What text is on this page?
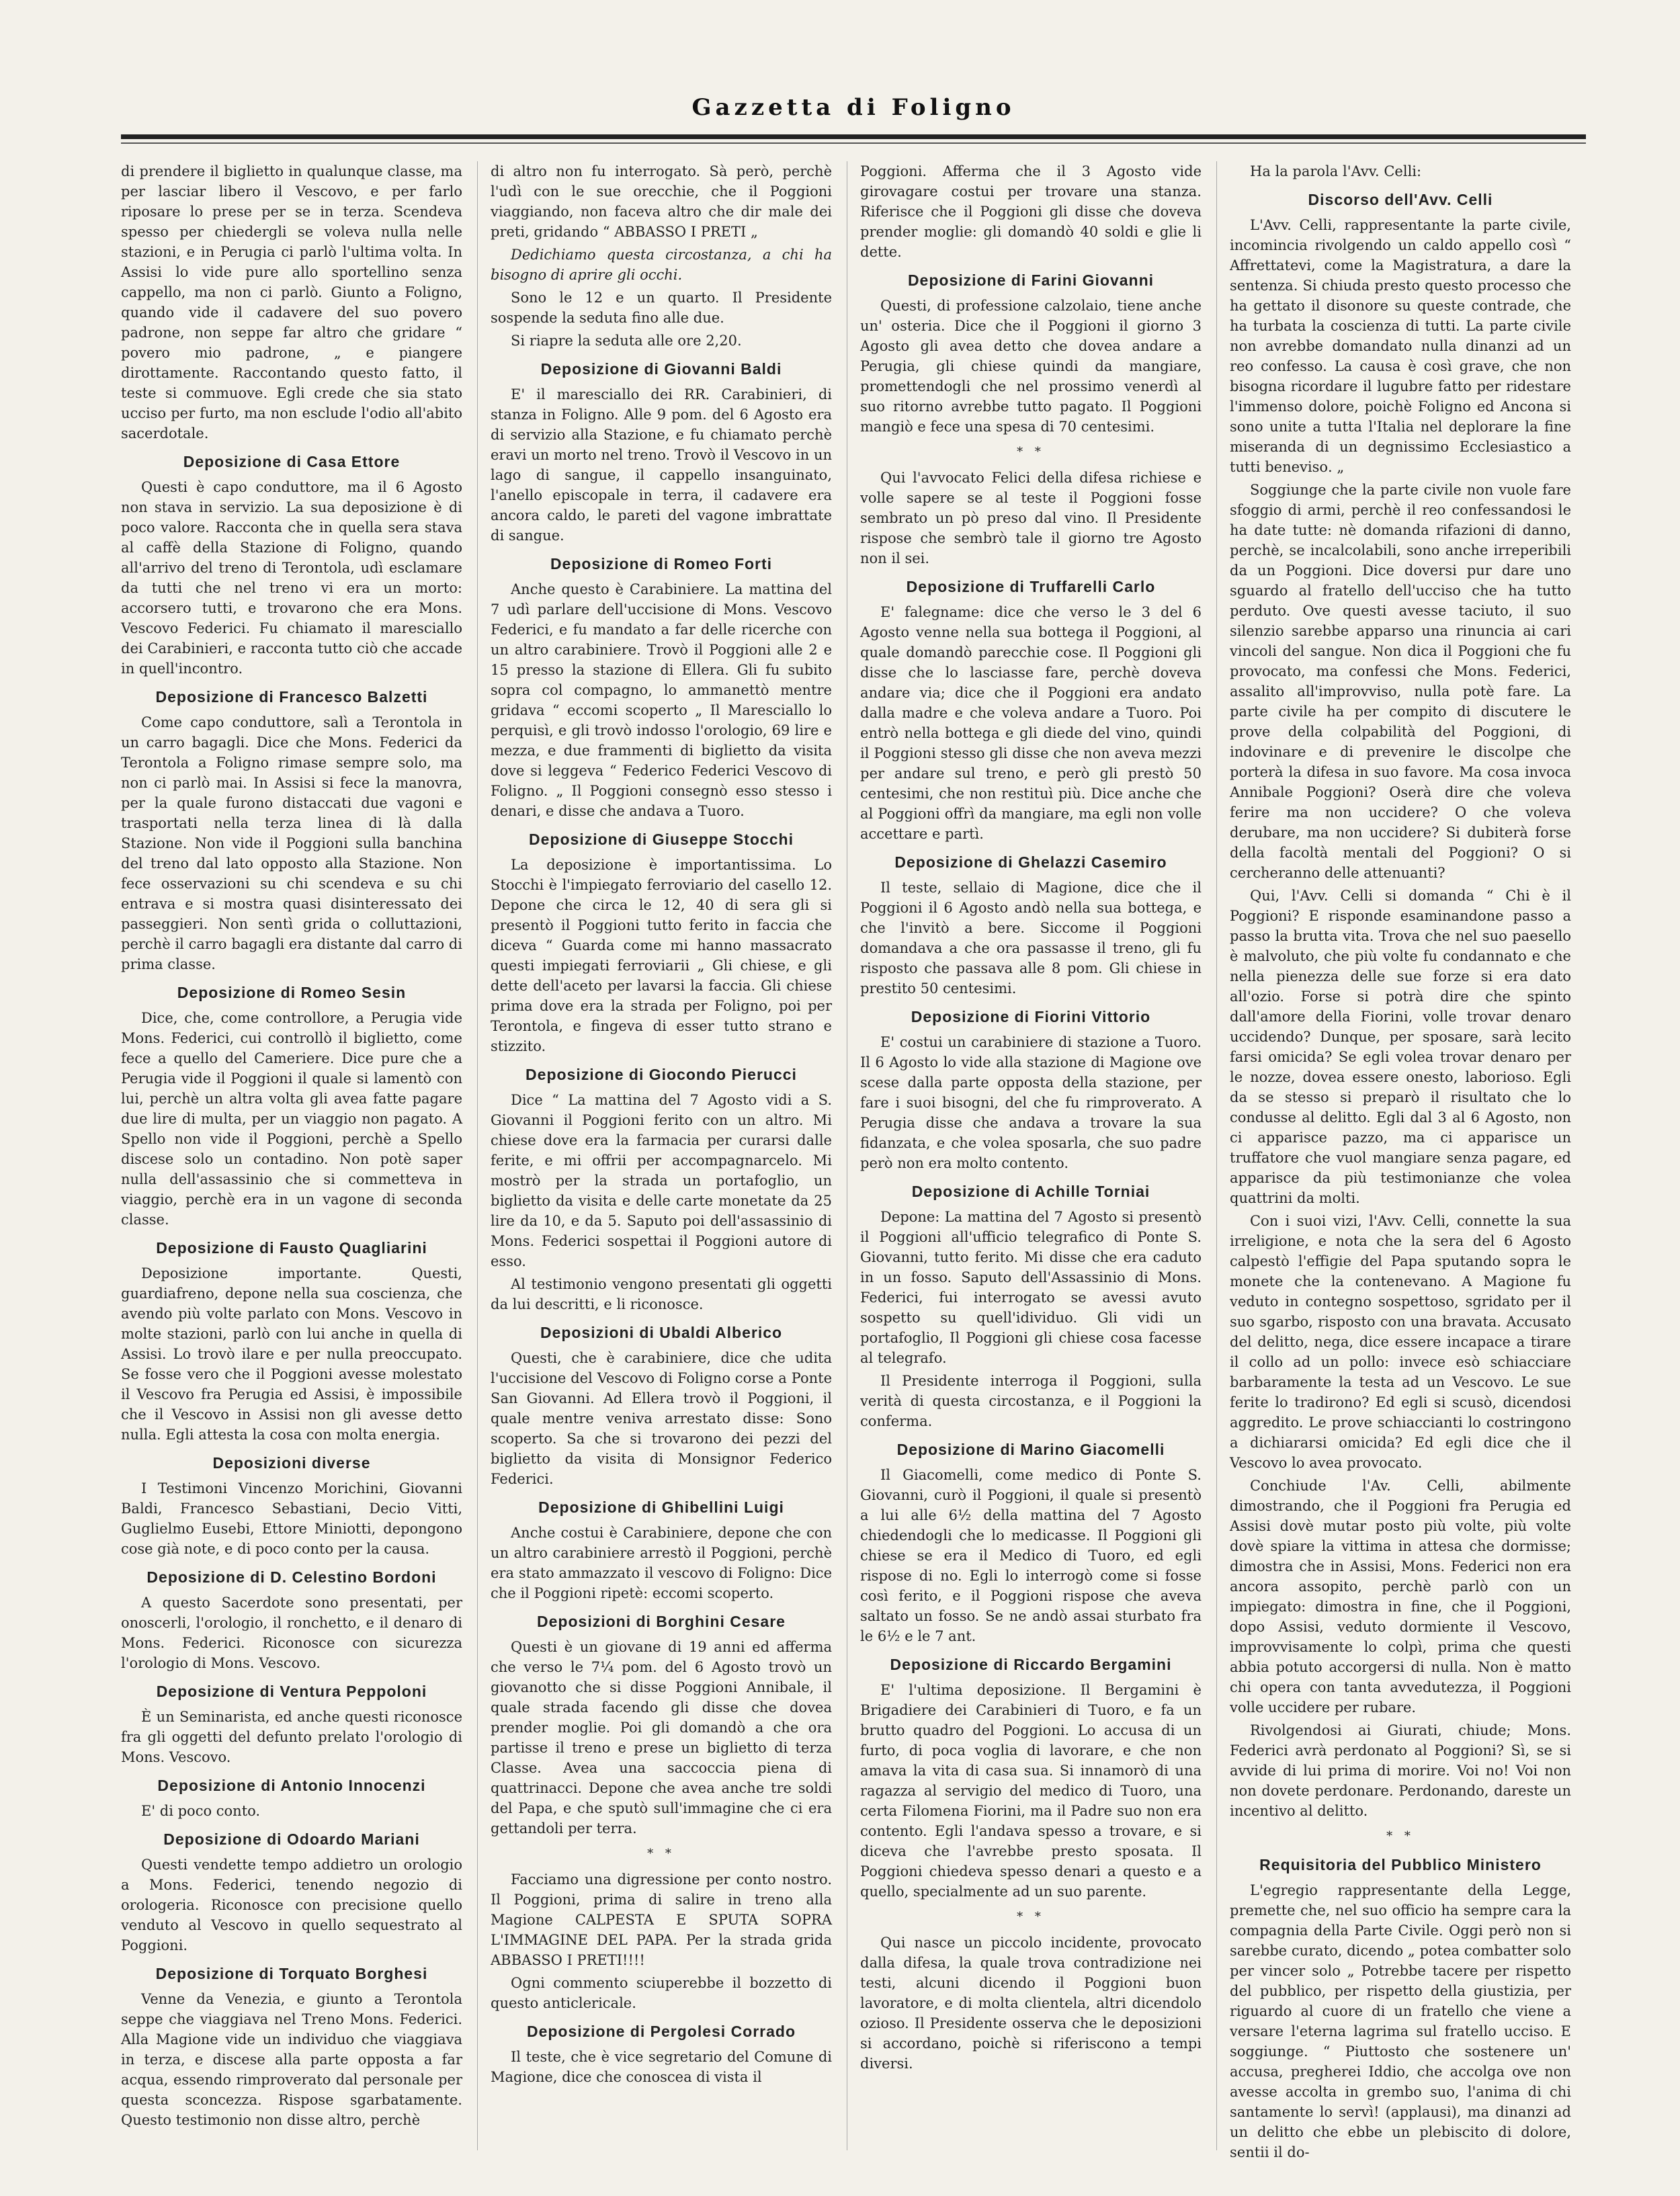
Gazzetta di Foligno

di prendere il biglietto in qualunque classe, ma per lasciar libero il Vescovo, e per farlo riposare lo prese per se in terza. Scendeva spesso per chiedergli se voleva nulla nelle stazioni, e in Perugia ci parlò l'ultima volta. In Assisi lo vide pure allo sportellino senza cappello, ma non ci parlò. Giunto a Foligno, quando vide il cadavere del suo povero padrone, non seppe far altro che gridare “ povero mio padrone, „ e piangere dirottamente. Raccontando questo fatto, il teste si commuove. Egli crede che sia stato ucciso per furto, ma non esclude l'odio all'abito sacerdotale.

Deposizione di Casa Ettore

Questi è capo conduttore, ma il 6 Agosto non stava in servizio. La sua deposizione è di poco valore. Racconta che in quella sera stava al caffè della Stazione di Foligno, quando all'arrivo del treno di Terontola, udì esclamare da tutti che nel treno vi era un morto: accorsero tutti, e trovarono che era Mons. Vescovo Federici. Fu chiamato il maresciallo dei Carabinieri, e racconta tutto ciò che accade in quell'incontro.

Deposizione di Francesco Balzetti

Come capo conduttore, salì a Terontola in un carro bagagli. Dice che Mons. Federici da Terontola a Foligno rimase sempre solo, ma non ci parlò mai. In Assisi si fece la manovra, per la quale furono distaccati due vagoni e trasportati nella terza linea di là dalla Stazione. Non vide il Poggioni sulla banchina del treno dal lato opposto alla Stazione. Non fece osservazioni su chi scendeva e su chi entrava e si mostra quasi disinteressato dei passeggieri. Non sentì grida o colluttazioni, perchè il carro bagagli era distante dal carro di prima classe.

Deposizione di Romeo Sesin

Dice, che, come controllore, a Perugia vide Mons. Federici, cui controllò il biglietto, come fece a quello del Cameriere. Dice pure che a Perugia vide il Poggioni il quale si lamentò con lui, perchè un altra volta gli avea fatte pagare due lire di multa, per un viaggio non pagato. A Spello non vide il Poggioni, perchè a Spello discese solo un contadino. Non potè saper nulla dell'assassinio che si commetteva in viaggio, perchè era in un vagone di seconda classe.

Deposizione di Fausto Quagliarini

Deposizione importante. Questi, guardiafreno, depone nella sua coscienza, che avendo più volte parlato con Mons. Vescovo in molte stazioni, parlò con lui anche in quella di Assisi. Lo trovò ilare e per nulla preoccupato. Se fosse vero che il Poggioni avesse molestato il Vescovo fra Perugia ed Assisi, è impossibile che il Vescovo in Assisi non gli avesse detto nulla. Egli attesta la cosa con molta energia.

Deposizioni diverse

I Testimoni Vincenzo Morichini, Giovanni Baldi, Francesco Sebastiani, Decio Vitti, Guglielmo Eusebi, Ettore Miniotti, depongono cose già note, e di poco conto per la causa.

Deposizione di D. Celestino Bordoni

A questo Sacerdote sono presentati, per onoscerli, l'orologio, il ronchetto, e il denaro di Mons. Federici. Riconosce con sicurezza l'orologio di Mons. Vescovo.

Deposizione di Ventura Peppoloni

È un Seminarista, ed anche questi riconosce fra gli oggetti del defunto prelato l'orologio di Mons. Vescovo.

Deposizione di Antonio Innocenzi

E' di poco conto.

Deposizione di Odoardo Mariani

Questi vendette tempo addietro un orologio a Mons. Federici, tenendo negozio di orologeria. Riconosce con precisione quello venduto al Vescovo in quello sequestrato al Poggioni.

Deposizione di Torquato Borghesi

Venne da Venezia, e giunto a Terontola seppe che viaggiava nel Treno Mons. Federici. Alla Magione vide un individuo che viaggiava in terza, e discese alla parte opposta a far acqua, essendo rimproverato dal personale per questa sconcezza. Rispose sgarbatamente. Questo testimonio non disse altro, perchè

di altro non fu interrogato. Sà però, perchè l'udì con le sue orecchie, che il Poggioni viaggiando, non faceva altro che dir male dei preti, gridando “ ABBASSO I PRETI „

Dedichiamo questa circostanza, a chi ha bisogno di aprire gli occhi.

Sono le 12 e un quarto. Il Presidente sospende la seduta fino alle due.

Si riapre la seduta alle ore 2,20.

Deposizione di Giovanni Baldi

E' il maresciallo dei RR. Carabinieri, di stanza in Foligno. Alle 9 pom. del 6 Agosto era di servizio alla Stazione, e fu chiamato perchè eravi un morto nel treno. Trovò il Vescovo in un lago di sangue, il cappello insanguinato, l'anello episcopale in terra, il cadavere era ancora caldo, le pareti del vagone imbrattate di sangue.

Deposizione di Romeo Forti

Anche questo è Carabiniere. La mattina del 7 udì parlare dell'uccisione di Mons. Vescovo Federici, e fu mandato a far delle ricerche con un altro carabiniere. Trovò il Poggioni alle 2 e 15 presso la stazione di Ellera. Gli fu subito sopra col compagno, lo ammanettò mentre gridava “ eccomi scoperto „ Il Maresciallo lo perquisì, e gli trovò indosso l'orologio, 69 lire e mezza, e due frammenti di biglietto da visita dove si leggeva “ Federico Federici Vescovo di Foligno. „ Il Poggioni consegnò esso stesso i denari, e disse che andava a Tuoro.

Deposizione di Giuseppe Stocchi

La deposizione è importantissima. Lo Stocchi è l'impiegato ferroviario del casello 12. Depone che circa le 12, 40 di sera gli si presentò il Poggioni tutto ferito in faccia che diceva “ Guarda come mi hanno massacrato questi impiegati ferroviarii „ Gli chiese, e gli dette dell'aceto per lavarsi la faccia. Gli chiese prima dove era la strada per Foligno, poi per Terontola, e fingeva di esser tutto strano e stizzito.

Deposizione di Giocondo Pierucci

Dice “ La mattina del 7 Agosto vidi a S. Giovanni il Poggioni ferito con un altro. Mi chiese dove era la farmacia per curarsi dalle ferite, e mi offrii per accompagnarcelo. Mi mostrò per la strada un portafoglio, un biglietto da visita e delle carte monetate da 25 lire da 10, e da 5. Saputo poi dell'assassinio di Mons. Federici sospettai il Poggioni autore di esso.

Al testimonio vengono presentati gli oggetti da lui descritti, e li riconosce.

Deposizioni di Ubaldi Alberico

Questi, che è carabiniere, dice che udita l'uccisione del Vescovo di Foligno corse a Ponte San Giovanni. Ad Ellera trovò il Poggioni, il quale mentre veniva arrestato disse: Sono scoperto. Sa che si trovarono dei pezzi del biglietto da visita di Monsignor Federico Federici.

Deposizione di Ghibellini Luigi

Anche costui è Carabiniere, depone che con un altro carabiniere arrestò il Poggioni, perchè era stato ammazzato il vescovo di Foligno: Dice che il Poggioni ripetè: eccomi scoperto.

Deposizioni di Borghini Cesare

Questi è un giovane di 19 anni ed afferma che verso le 7¼ pom. del 6 Agosto trovò un giovanotto che si disse Poggioni Annibale, il quale strada facendo gli disse che dovea prender moglie. Poi gli domandò a che ora partisse il treno e prese un biglietto di terza Classe. Avea una saccoccia piena di quattrinacci. Depone che avea anche tre soldi del Papa, e che sputò sull'immagine che ci era gettandoli per terra.

* *

Facciamo una digressione per conto nostro. Il Poggioni, prima di salire in treno alla Magione CALPESTA E SPUTA SOPRA L'IMMAGINE DEL PAPA. Per la strada grida ABBASSO I PRETI!!!!

Ogni commento sciuperebbe il bozzetto di questo anticlericale.

Deposizione di Pergolesi Corrado

Il teste, che è vice segretario del Comune di Magione, dice che conoscea di vista il

Poggioni. Afferma che il 3 Agosto vide girovagare costui per trovare una stanza. Riferisce che il Poggioni gli disse che doveva prender moglie: gli domandò 40 soldi e glie li dette.

Deposizione di Farini Giovanni

Questi, di professione calzolaio, tiene anche un' osteria. Dice che il Poggioni il giorno 3 Agosto gli avea detto che dovea andare a Perugia, gli chiese quindi da mangiare, promettendogli che nel prossimo venerdì al suo ritorno avrebbe tutto pagato. Il Poggioni mangiò e fece una spesa di 70 centesimi.

* *

Qui l'avvocato Felici della difesa richiese e volle sapere se al teste il Poggioni fosse sembrato un pò preso dal vino. Il Presidente rispose che sembrò tale il giorno tre Agosto non il sei.

Deposizione di Truffarelli Carlo

E' falegname: dice che verso le 3 del 6 Agosto venne nella sua bottega il Poggioni, al quale domandò parecchie cose. Il Poggioni gli disse che lo lasciasse fare, perchè doveva andare via; dice che il Poggioni era andato dalla madre e che voleva andare a Tuoro. Poi entrò nella bottega e gli diede del vino, quindi il Poggioni stesso gli disse che non aveva mezzi per andare sul treno, e però gli prestò 50 centesimi, che non restituì più. Dice anche che al Poggioni offrì da mangiare, ma egli non volle accettare e partì.

Deposizione di Ghelazzi Casemiro

Il teste, sellaio di Magione, dice che il Poggioni il 6 Agosto andò nella sua bottega, e che l'invitò a bere. Siccome il Poggioni domandava a che ora passasse il treno, gli fu risposto che passava alle 8 pom. Gli chiese in prestito 50 centesimi.

Deposizione di Fiorini Vittorio

E' costui un carabiniere di stazione a Tuoro. Il 6 Agosto lo vide alla stazione di Magione ove scese dalla parte opposta della stazione, per fare i suoi bisogni, del che fu rimproverato. A Perugia disse che andava a trovare la sua fidanzata, e che volea sposarla, che suo padre però non era molto contento.

Deposizione di Achille Torniai

Depone: La mattina del 7 Agosto si presentò il Poggioni all'ufficio telegrafico di Ponte S. Giovanni, tutto ferito. Mi disse che era caduto in un fosso. Saputo dell'Assassinio di Mons. Federici, fui interrogato se avessi avuto sospetto su quell'idividuo. Gli vidi un portafoglio, Il Poggioni gli chiese cosa facesse al telegrafo.

Il Presidente interroga il Poggioni, sulla verità di questa circostanza, e il Poggioni la conferma.

Deposizione di Marino Giacomelli

Il Giacomelli, come medico di Ponte S. Giovanni, curò il Poggioni, il quale si presentò a lui alle 6½ della mattina del 7 Agosto chiedendogli che lo medicasse. Il Poggioni gli chiese se era il Medico di Tuoro, ed egli rispose di no. Egli lo interrogò come si fosse così ferito, e il Poggioni rispose che aveva saltato un fosso. Se ne andò assai sturbato fra le 6½ e le 7 ant.

Deposizione di Riccardo Bergamini

E' l'ultima deposizione. Il Bergamini è Brigadiere dei Carabinieri di Tuoro, e fa un brutto quadro del Poggioni. Lo accusa di un furto, di poca voglia di lavorare, e che non amava la vita di casa sua. Si innamorò di una ragazza al servigio del medico di Tuoro, una certa Filomena Fiorini, ma il Padre suo non era contento. Egli l'andava spesso a trovare, e si diceva che l'avrebbe presto sposata. Il Poggioni chiedeva spesso denari a questo e a quello, specialmente ad un suo parente.

* *

Qui nasce un piccolo incidente, provocato dalla difesa, la quale trova contradizione nei testi, alcuni dicendo il Poggioni buon lavoratore, e di molta clientela, altri dicendolo ozioso. Il Presidente osserva che le deposizioni si accordano, poichè si riferiscono a tempi diversi.

Ha la parola l'Avv. Celli:

Discorso dell'Avv. Celli

L'Avv. Celli, rappresentante la parte civile, incomincia rivolgendo un caldo appello così “ Affrettatevi, come la Magistratura, a dare la sentenza. Si chiuda presto questo processo che ha gettato il disonore su queste contrade, che ha turbata la coscienza di tutti. La parte civile non avrebbe domandato nulla dinanzi ad un reo confesso. La causa è così grave, che non bisogna ricordare il lugubre fatto per ridestare l'immenso dolore, poichè Foligno ed Ancona si sono unite a tutta l'Italia nel deplorare la fine miseranda di un degnissimo Ecclesiastico a tutti benevisо. „

Soggiunge che la parte civile non vuole fare sfoggio di armi, perchè il reo confessandosi le ha date tutte: nè domanda rifazioni di danno, perchè, se incalcolabili, sono anche irreperibili da un Poggioni. Dice doversi pur dare uno sguardo al fratello dell'ucciso che ha tutto perduto. Ove questi avesse taciuto, il suo silenzio sarebbe apparso una rinuncia ai cari vincoli del sangue. Non dica il Poggioni che fu provocato, ma confessi che Mons. Federici, assalito all'improvviso, nulla potè fare. La parte civile ha per compito di discutere le prove della colpabilità del Poggioni, di indovinare e di prevenire le discolpe che porterà la difesa in suo favore. Ma cosa invoca Annibale Poggioni? Oserà dire che voleva ferire ma non uccidere? O che voleva derubare, ma non uccidere? Si dubiterà forse della facoltà mentali del Poggioni? O si cercheranno delle attenuanti?

Qui, l'Avv. Celli si domanda “ Chi è il Poggioni? E risponde esaminandone passo a passo la brutta vita. Trova che nel suo paesello è malvoluto, che più volte fu condannato e che nella pienezza delle sue forze si era dato all'ozio. Forse si potrà dire che spinto dall'amore della Fiorini, volle trovar denaro uccidendo? Dunque, per sposare, sarà lecito farsi omicida? Se egli volea trovar denaro per le nozze, dovea essere onesto, laborioso. Egli da se stesso si preparò il risultato che lo condusse al delitto. Egli dal 3 al 6 Agosto, non ci apparisce pazzo, ma ci apparisce un truffatore che vuol mangiare senza pagare, ed apparisce da più testimonianze che volea quattrini da molti.

Con i suoi vizi, l'Avv. Celli, connette la sua irreligione, e nota che la sera del 6 Agosto calpestò l'effigie del Papa sputando sopra le monete che la contenevano. A Magione fu veduto in contegno sospettoso, sgridato per il suo sgarbo, risposto con una bravata. Accusato del delitto, nega, dice essere incapace a tirare il collo ad un pollo: invece esò schiacciare barbaramente la testa ad un Vescovo. Le sue ferite lo tradirono? Ed egli si scusò, dicendosi aggredito. Le prove schiaccianti lo costringono a dichiararsi omicida? Ed egli dice che il Vescovo lo avea provocato.

Conchiude l'Av. Celli, abilmente dimostrando, che il Poggioni fra Perugia ed Assisi dovè mutar posto più volte, più volte dovè spiare la vittima in attesa che dormisse; dimostra che in Assisi, Mons. Federici non era ancora assopito, perchè parlò con un impiegato: dimostra in fine, che il Poggioni, dopo Assisi, veduto dormiente il Vescovo, improvvisamente lo colpì, prima che questi abbia potuto accorgersi di nulla. Non è matto chi opera con tanta avvedutezza, il Poggioni volle uccidere per rubare.

Rivolgendosi ai Giurati, chiude; Mons. Federici avrà perdonato al Poggioni? Sì, se si avvide di lui prima di morire. Voi no! Voi non non dovete perdonare. Perdonando, dareste un incentivo al delitto.

* *
Requisitoria del Pubblico Ministero

L'egregio rappresentante della Legge, premette che, nel suo officio ha sempre cara la compagnia della Parte Civile. Oggi però non si sarebbe curato, dicendo „ potea combatter solo per vincer solo „ Potrebbe tacere per rispetto del pubblico, per rispetto della giustizia, per riguardo al cuore di un fratello che viene a versare l'eterna lagrima sul fratello ucciso. E soggiunge. “ Piuttosto che sostenere un' accusa, pregherei Iddio, che accolga ove non avesse accolta in grembo suo, l'anima di chi santamente lo servì! (applausi), ma dinanzi ad un delitto che ebbe un plebiscito di dolore, sentii il do-
